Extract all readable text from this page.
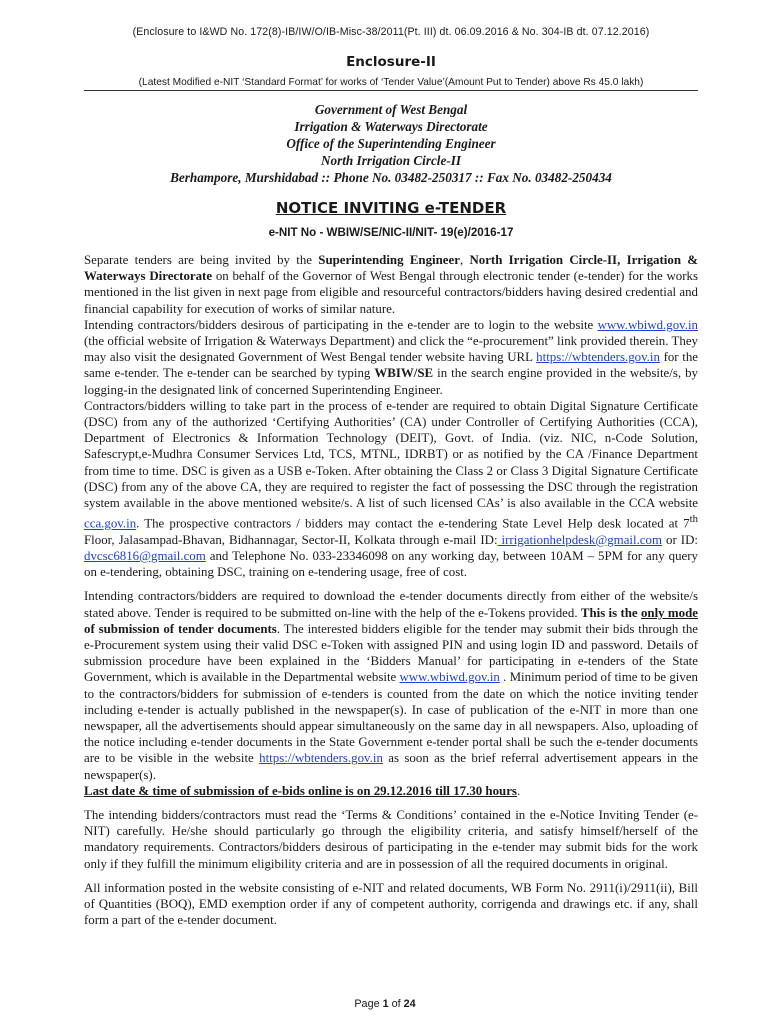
(Enclosure to I&WD No. 172(8)-IB/IW/O/IB-Misc-38/2011(Pt. III) dt. 06.09.2016 & No. 304-IB dt. 07.12.2016)
Enclosure-II
(Latest Modified e-NIT ‘Standard Format’ for works of ‘Tender Value’(Amount Put to Tender) above Rs 45.0 lakh)
Government of West Bengal
Irrigation & Waterways Directorate
Office of the Superintending Engineer
North Irrigation Circle-II
Berhampore, Murshidabad :: Phone No. 03482-250317 :: Fax No. 03482-250434
NOTICE INVITING e-TENDER
e-NIT No - WBIW/SE/NIC-II/NIT- 19(e)/2016-17

Separate tenders are being invited by the Superintending Engineer, North Irrigation Circle-II, Irrigation & Waterways Directorate on behalf of the Governor of West Bengal through electronic tender (e-tender) for the works mentioned in the list given in next page from eligible and resourceful contractors/bidders having desired credential and financial capability for execution of works of similar nature.

Intending contractors/bidders desirous of participating in the e-tender are to login to the website www.wbiwd.gov.in (the official website of Irrigation & Waterways Department) and click the “e-procurement” link provided therein. They may also visit the designated Government of West Bengal tender website having URL https://wbtenders.gov.in for the same e-tender. The e-tender can be searched by typing WBIW/SE in the search engine provided in the website/s, by logging-in the designated link of concerned Superintending Engineer.

Contractors/bidders willing to take part in the process of e-tender are required to obtain Digital Signature Certificate (DSC) from any of the authorized ‘Certifying Authorities’ (CA) under Controller of Certifying Authorities (CCA), Department of Electronics & Information Technology (DEIT), Govt. of India. (viz. NIC, n-Code Solution, Safescrypt,e-Mudhra Consumer Services Ltd, TCS, MTNL, IDRBT) or as notified by the CA /Finance Department from time to time. DSC is given as a USB e-Token. After obtaining the Class 2 or Class 3 Digital Signature Certificate (DSC) from any of the above CA, they are required to register the fact of possessing the DSC through the registration system available in the above mentioned website/s. A list of such licensed CAs’ is also available in the CCA website cca.gov.in. The prospective contractors / bidders may contact the e-tendering State Level Help desk located at 7th Floor, Jalasampad-Bhavan, Bidhannagar, Sector-II, Kolkata through e-mail ID: irrigationhelpdesk@gmail.com or ID: dvcsc6816@gmail.com and Telephone No. 033-23346098 on any working day, between 10AM – 5PM for any query on e-tendering, obtaining DSC, training on e-tendering usage, free of cost.

Intending contractors/bidders are required to download the e-tender documents directly from either of the website/s stated above. Tender is required to be submitted on-line with the help of the e-Tokens provided. This is the only mode of submission of tender documents. The interested bidders eligible for the tender may submit their bids through the e-Procurement system using their valid DSC e-Token with assigned PIN and using login ID and password. Details of submission procedure have been explained in the ‘Bidders Manual’ for participating in e-tenders of the State Government, which is available in the Departmental website www.wbiwd.gov.in . Minimum period of time to be given to the contractors/bidders for submission of e-tenders is counted from the date on which the notice inviting tender including e-tender is actually published in the newspaper(s). In case of publication of the e-NIT in more than one newspaper, all the advertisements should appear simultaneously on the same day in all newspapers. Also, uploading of the notice including e-tender documents in the State Government e-tender portal shall be such the e-tender documents are to be visible in the website https://wbtenders.gov.in as soon as the brief referral advertisement appears in the newspaper(s).

Last date & time of submission of e-bids online is on 29.12.2016 till 17.30 hours.

The intending bidders/contractors must read the ‘Terms & Conditions’ contained in the e-Notice Inviting Tender (e-NIT) carefully. He/she should particularly go through the eligibility criteria, and satisfy himself/herself of the mandatory requirements. Contractors/bidders desirous of participating in the e-tender may submit bids for the work only if they fulfill the minimum eligibility criteria and are in possession of all the required documents in original.

All information posted in the website consisting of e-NIT and related documents, WB Form No. 2911(i)/2911(ii), Bill of Quantities (BOQ), EMD exemption order if any of competent authority, corrigenda and drawings etc. if any, shall form a part of the e-tender document.

Page 1 of 24
